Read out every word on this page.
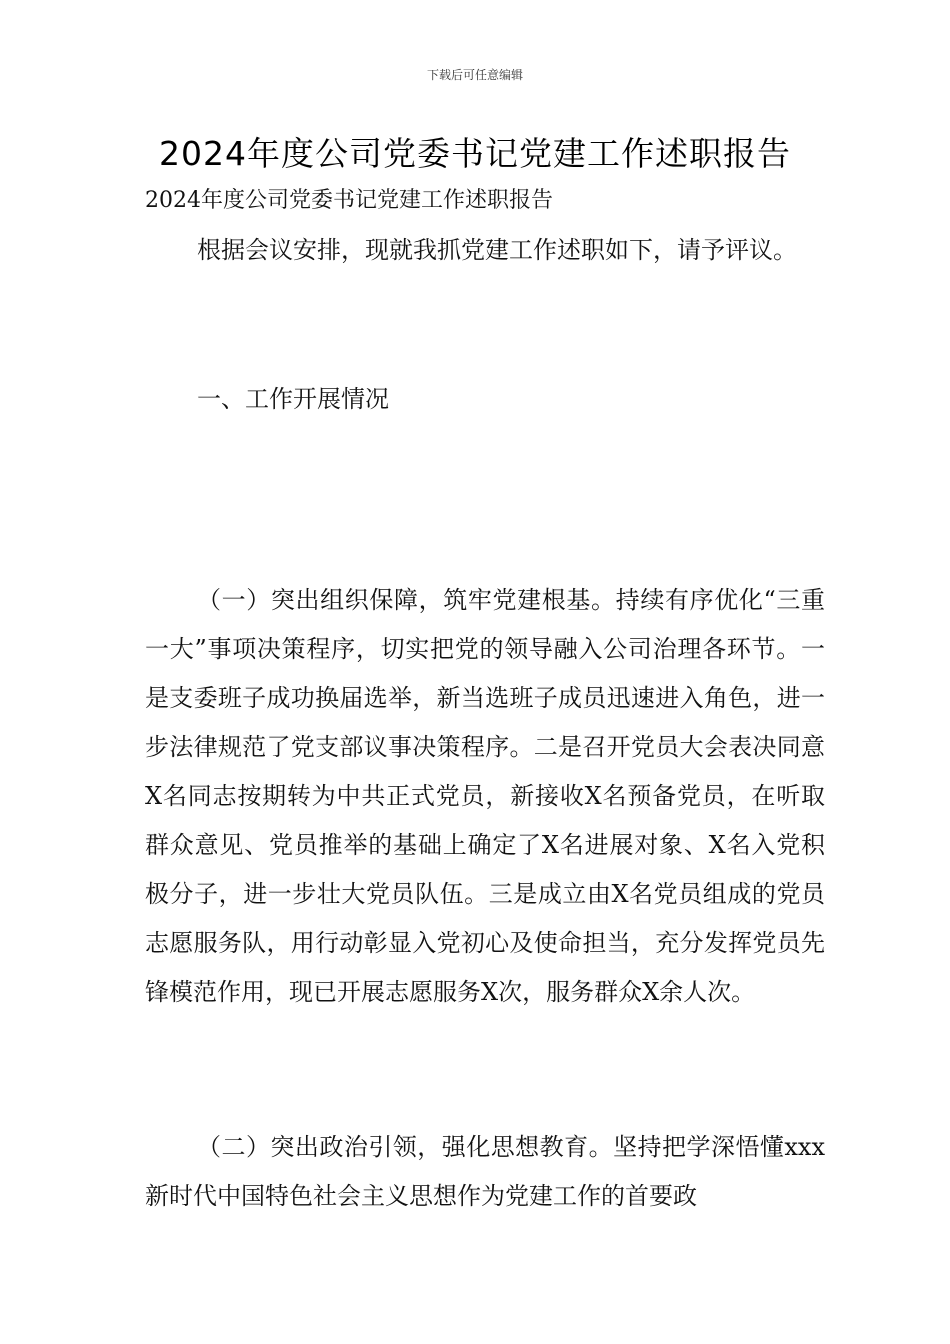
下载后可任意编辑
2024年度公司党委书记党建工作述职报告
2024年度公司党委书记党建工作述职报告

根据会议安排，现就我抓党建工作述职如下，请予评议。

一、工作开展情况

（一）突出组织保障，筑牢党建根基。持续有序优化“三重一大”事项决策程序，切实把党的领导融入公司治理各环节。一是支委班子成功换届选举，新当选班子成员迅速进入角色，进一步法律规范了党支部议事决策程序。二是召开党员大会表决同意X名同志按期转为中共正式党员，新接收X名预备党员，在听取群众意见、党员推举的基础上确定了X名进展对象、X名入党积极分子，进一步壮大党员队伍。三是成立由X名党员组成的党员志愿服务队，用行动彰显入党初心及使命担当，充分发挥党员先锋模范作用，现已开展志愿服务X次，服务群众X余人次。

（二）突出政治引领，强化思想教育。坚持把学深悟懂xxx新时代中国特色社会主义思想作为党建工作的首要政
